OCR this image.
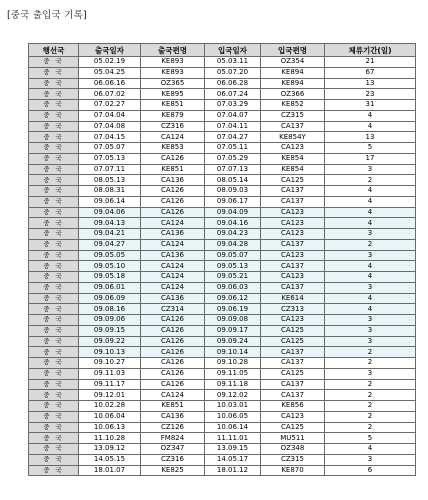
[중국 출입국 기록]
행선국	출국일자	출국편명	입국일자	입국편명	체류기간(일)
중 국	05.02.19	KE893	05.03.11	OZ354	21
중 국	05.04.25	KE893	05.07.20	KE894	67
중 국	06.06.16	OZ365	06.06.28	KE894	13
중 국	06.07.02	KE895	06.07.24	OZ366	23
중 국	07.02.27	KE851	07.03.29	KE852	31
중 국	07.04.04	KE879	07.04.07	CZ315	4
중 국	07.04.08	CZ316	07.04.11	CA137	4
중 국	07.04.15	CA124	07.04.27	KE854Y	13
중 국	07.05.07	KE853	07.05.11	CA123	5
중 국	07.05.13	CA126	07.05.29	KE854	17
중 국	07.07.11	KE851	07.07.13	KE854	3
중 국	08.05.13	CA136	08.05.14	CA125	2
중 국	08.08.31	CA126	08.09.03	CA137	4
중 국	09.06.14	CA126	09.06.17	CA137	4
중 국	09.04.06	CA126	09.04.09	CA123	4
중 국	09.04.13	CA124	09.04.16	CA123	4
중 국	09.04.21	CA136	09.04.23	CA123	3
중 국	09.04.27	CA124	09.04.28	CA137	2
중 국	09.05.05	CA136	09.05.07	CA123	3
중 국	09.05.10	CA124	09.05.13	CA137	4
중 국	09.05.18	CA124	09.05.21	CA123	4
중 국	09.06.01	CA124	09.06.03	CA137	3
중 국	09.06.09	CA136	09.06.12	KE614	4
중 국	09.08.16	CZ314	09.06.19	CZ313	4
중 국	09.09.06	CA126	09.09.08	CA123	3
중 국	09.09.15	CA126	09.09.17	CA125	3
중 국	09.09.22	CA126	09.09.24	CA125	3
중 국	09.10.13	CA126	09.10.14	CA137	2
중 국	09.10.27	CA126	09.10.28	CA137	2
중 국	09.11.03	CA126	09.11.05	CA125	3
중 국	09.11.17	CA126	09.11.18	CA137	2
중 국	09.12.01	CA124	09.12.02	CA137	2
중 국	10.02.28	KE851	10.03.01	KE856	2
중 국	10.06.04	CA136	10.06.05	CA123	2
중 국	10.06.13	CZ126	10.06.14	CA125	2
중 국	11.10.28	FM824	11.11.01	MU511	5
중 국	13.09.12	OZ347	13.09.15	OZ348	4
중 국	14.05.15	CZ316	14.05.17	CZ315	3
중 국	18.01.07	KE825	18.01.12	KE870	6
